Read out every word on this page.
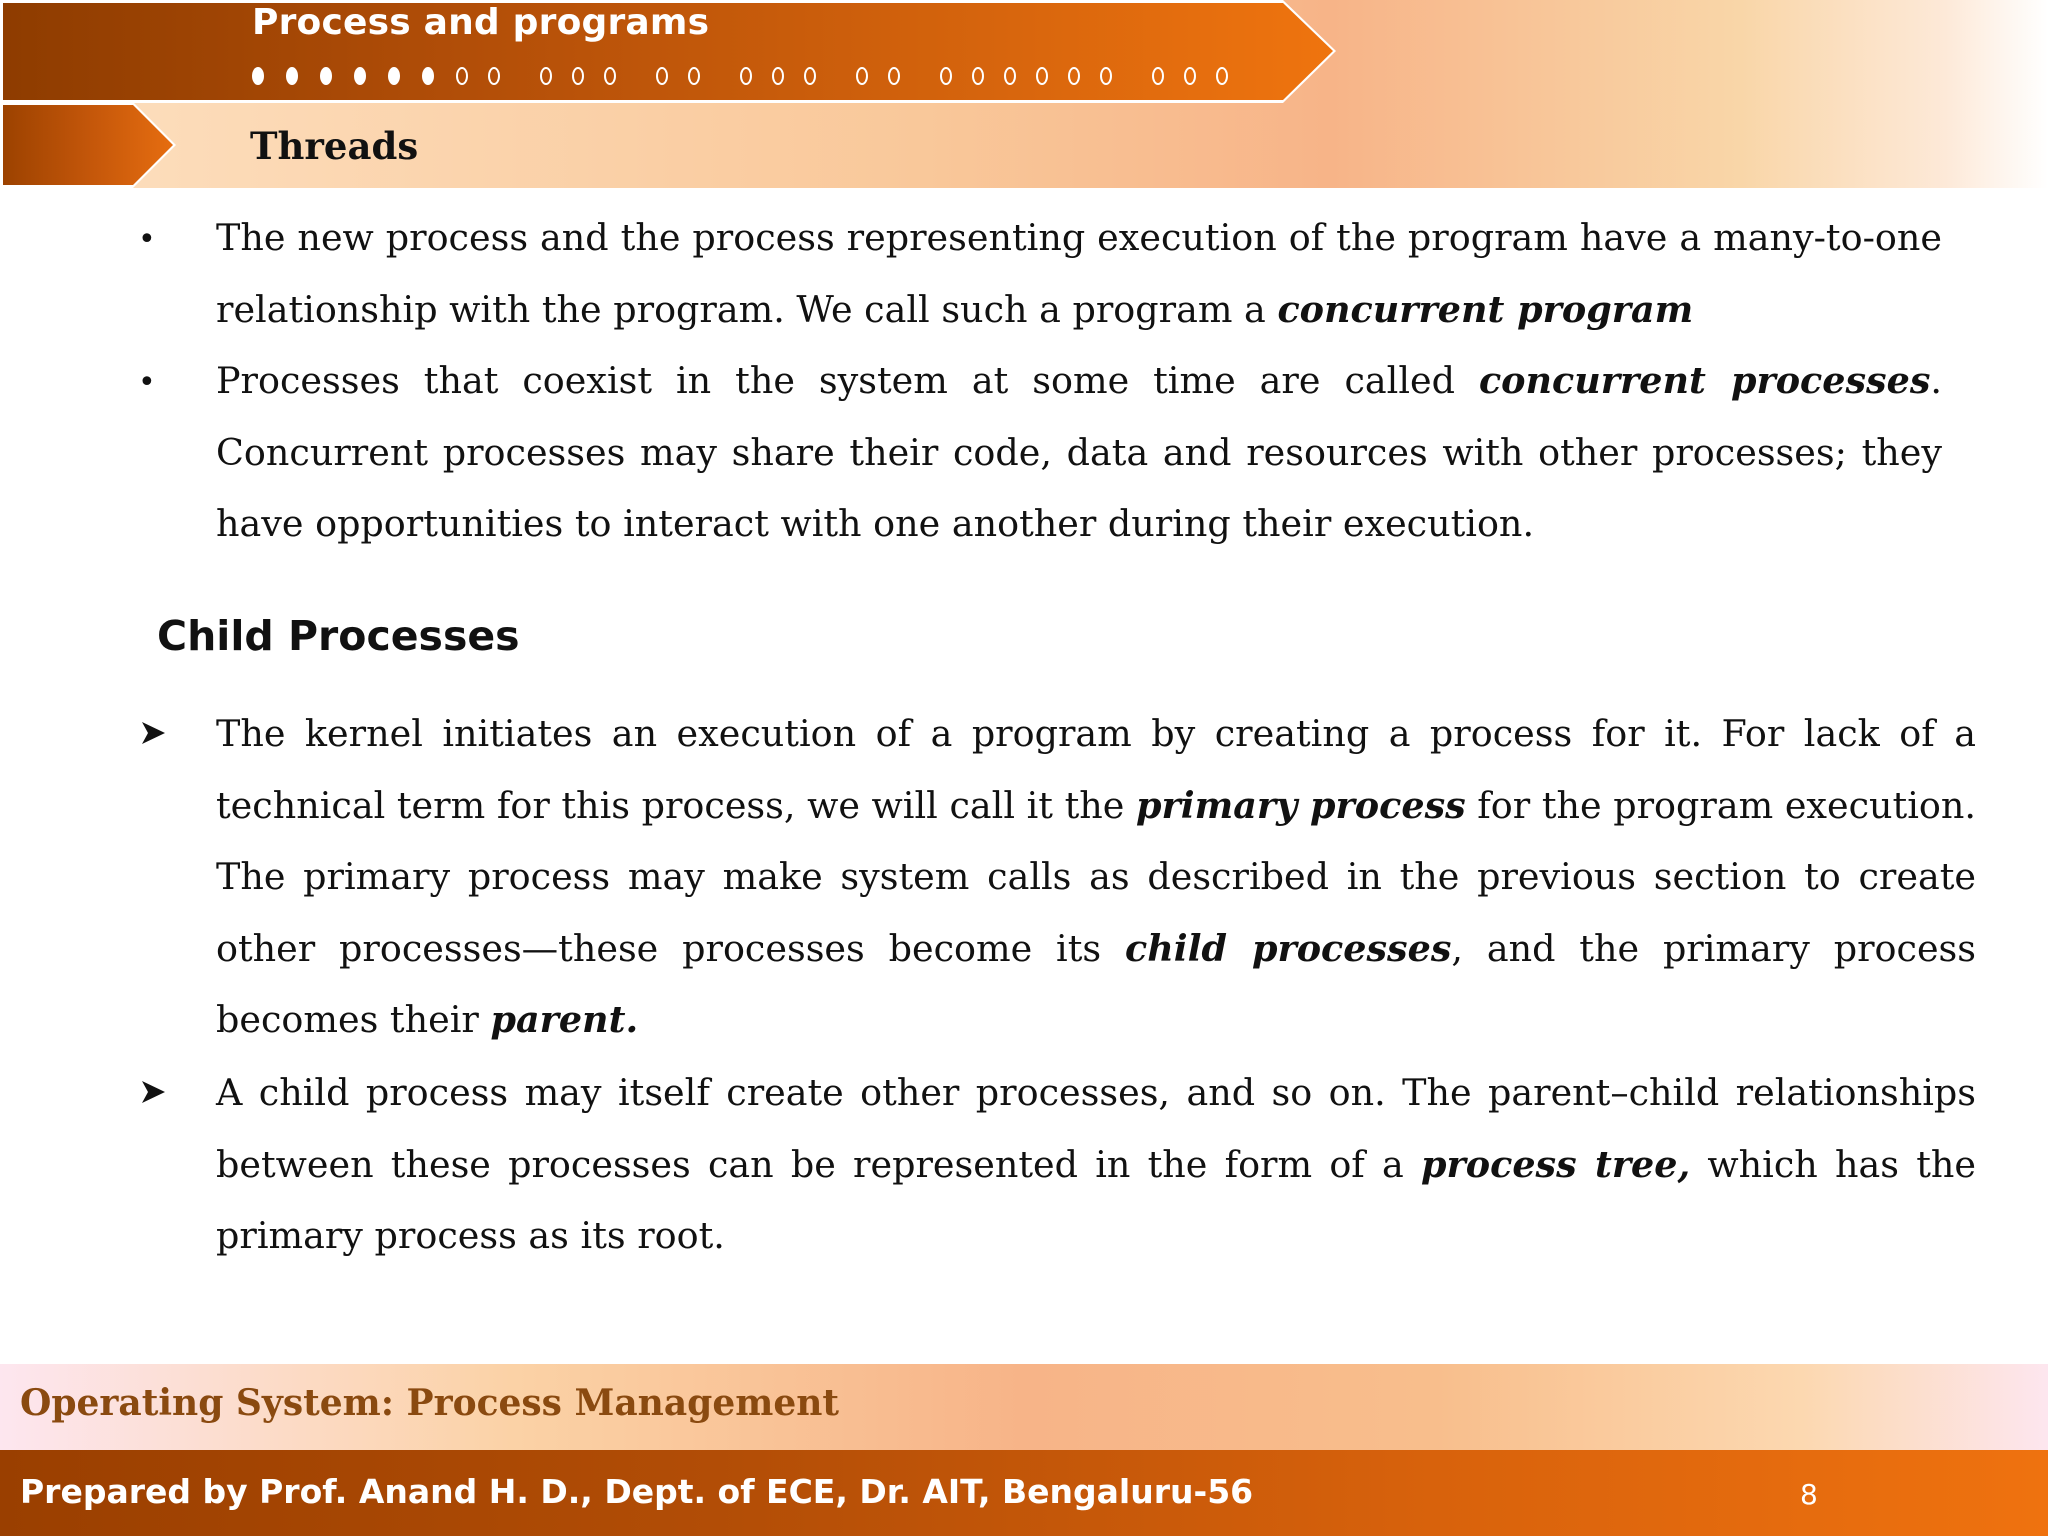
Process and programs
Threads
• The new process and the process representing execution of the program have a many-to-one relationship with the program. We call such a program a concurrent program

• Processes that coexist in the system at some time are called concurrent processes. Concurrent processes may share their code, data and resources with other processes; they have opportunities to interact with one another during their execution.

Child Processes

The kernel initiates an execution of a program by creating a process for it. For lack of a technical term for this process, we will call it the primary process for the program execution. The primary process may make system calls as described in the previous section to create other processes—these processes become its child processes, and the primary process becomes their parent.

A child process may itself create other processes, and so on. The parent–child relationships between these processes can be represented in the form of a process tree, which has the primary process as its root.

Operating System: Process Management

Prepared by Prof. Anand H. D., Dept. of ECE, Dr. AIT, Bengaluru-56	8
